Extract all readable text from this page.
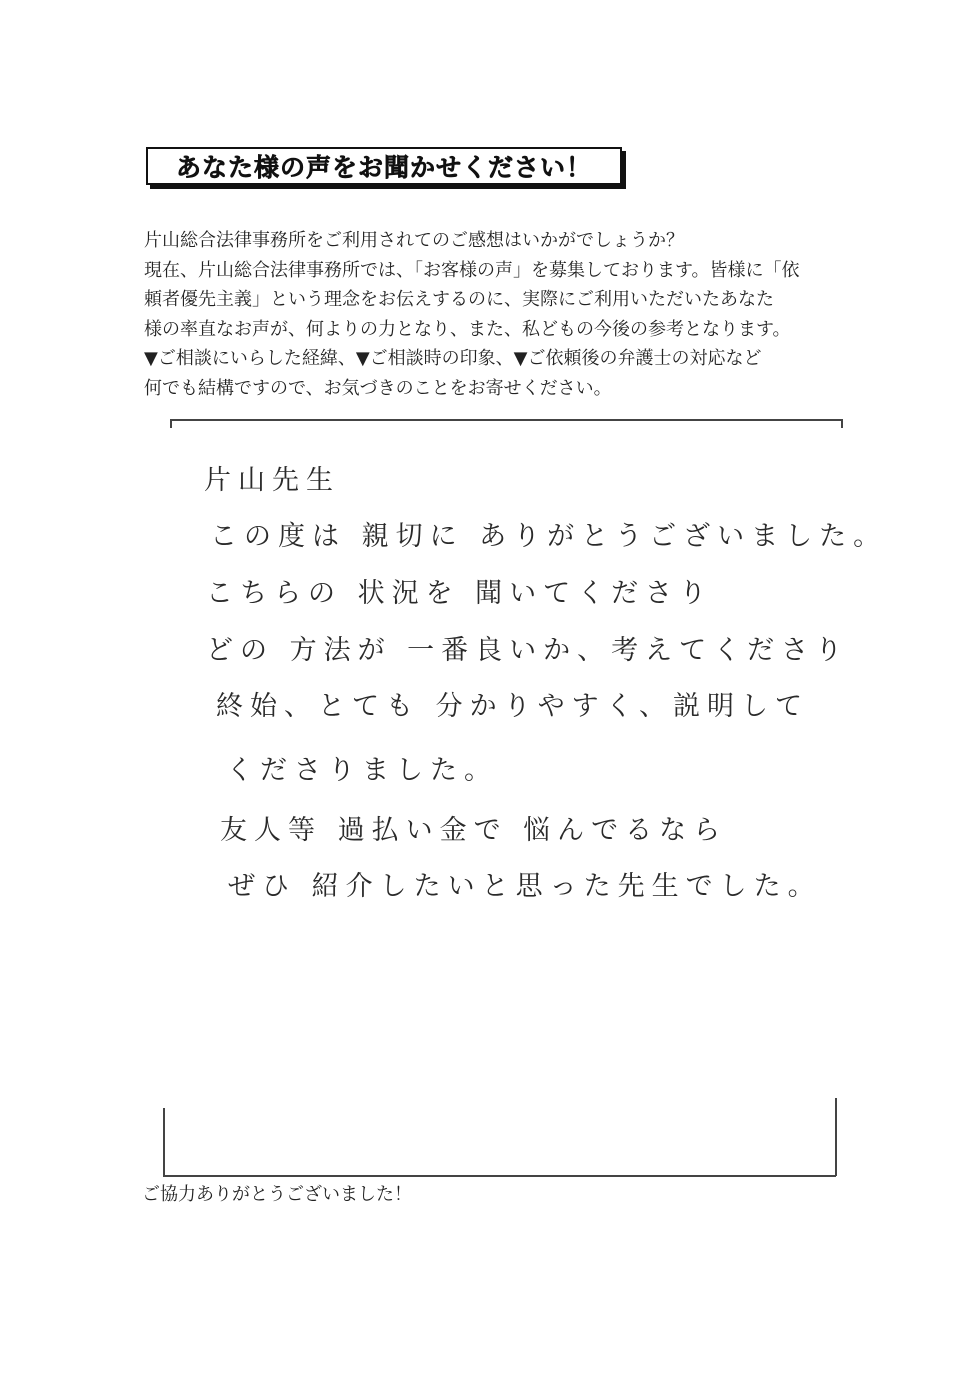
あなた様の声をお聞かせください！
片山総合法律事務所をご利用されてのご感想はいかがでしょうか？
現在、片山総合法律事務所では、「お客様の声」を募集しております。皆様に「依
頼者優先主義」という理念をお伝えするのに、実際にご利用いただいたあなた
様の率直なお声が、何よりの力となり、また、私どもの今後の参考となります。
▼ご相談にいらした経緯、▼ご相談時の印象、▼ご依頼後の弁護士の対応など
何でも結構ですので、お気づきのことをお寄せください。
片山先生
この度は 親切に ありがとうございました。
こちらの 状況を 聞いてくださり
どの 方法が 一番良いか、考えてくださり
終始、とても 分かりやすく、説明して
くださりました。
友人等 過払い金で 悩んでるなら
ぜひ 紹介したいと思った先生でした。
ご協力ありがとうございました！
